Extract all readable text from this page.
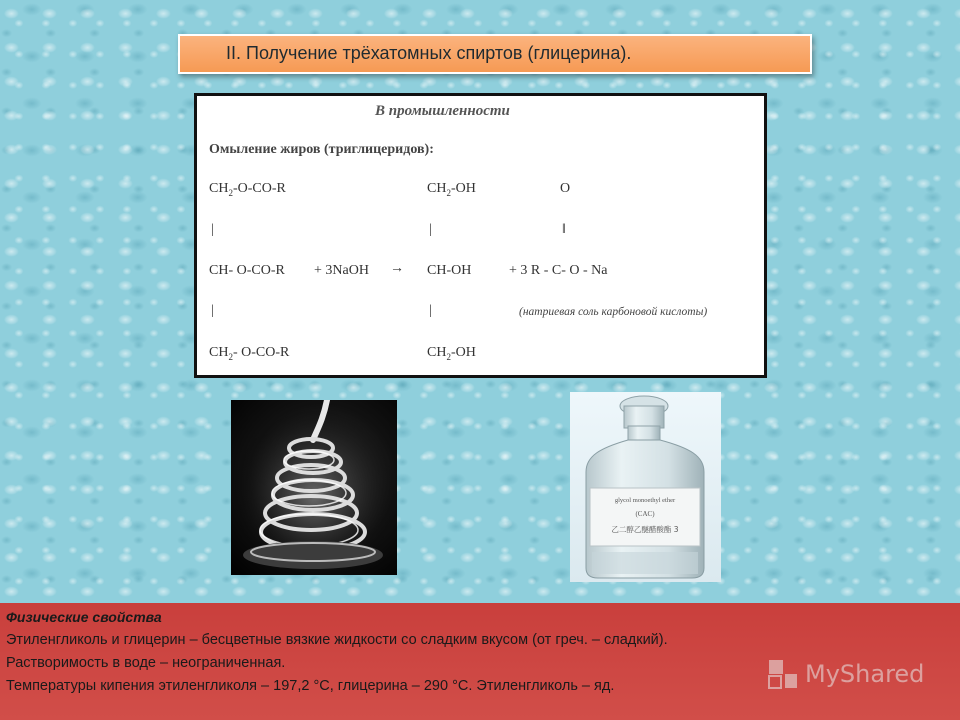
II. Получение трёхатомных спиртов (глицерина).
В промышленности
Омыление жиров (триглицеридов):
$CH_2-O-CO-R$	$CH_2-OH$	O
|	|	‖
CH- O-CO-R + 3NaOH → CH-OH	+ 3 R - C- O - Na
|	|	(натриевая соль карбоновой кислоты)
$CH_2-$ O-CO-R	$CH_2-OH$
glycol monoethyl ether
(CAC)
乙二醇乙醚醋酸酯 3
Физические свойства
Этиленгликоль и глицерин – бесцветные вязкие жидкости со сладким вкусом (от греч. – сладкий).
Растворимость в воде – неограниченная.
Температуры кипения этиленгликоля – 197,2 °С, глицерина – 290 °С. Этиленгликоль – яд.	MyShared
